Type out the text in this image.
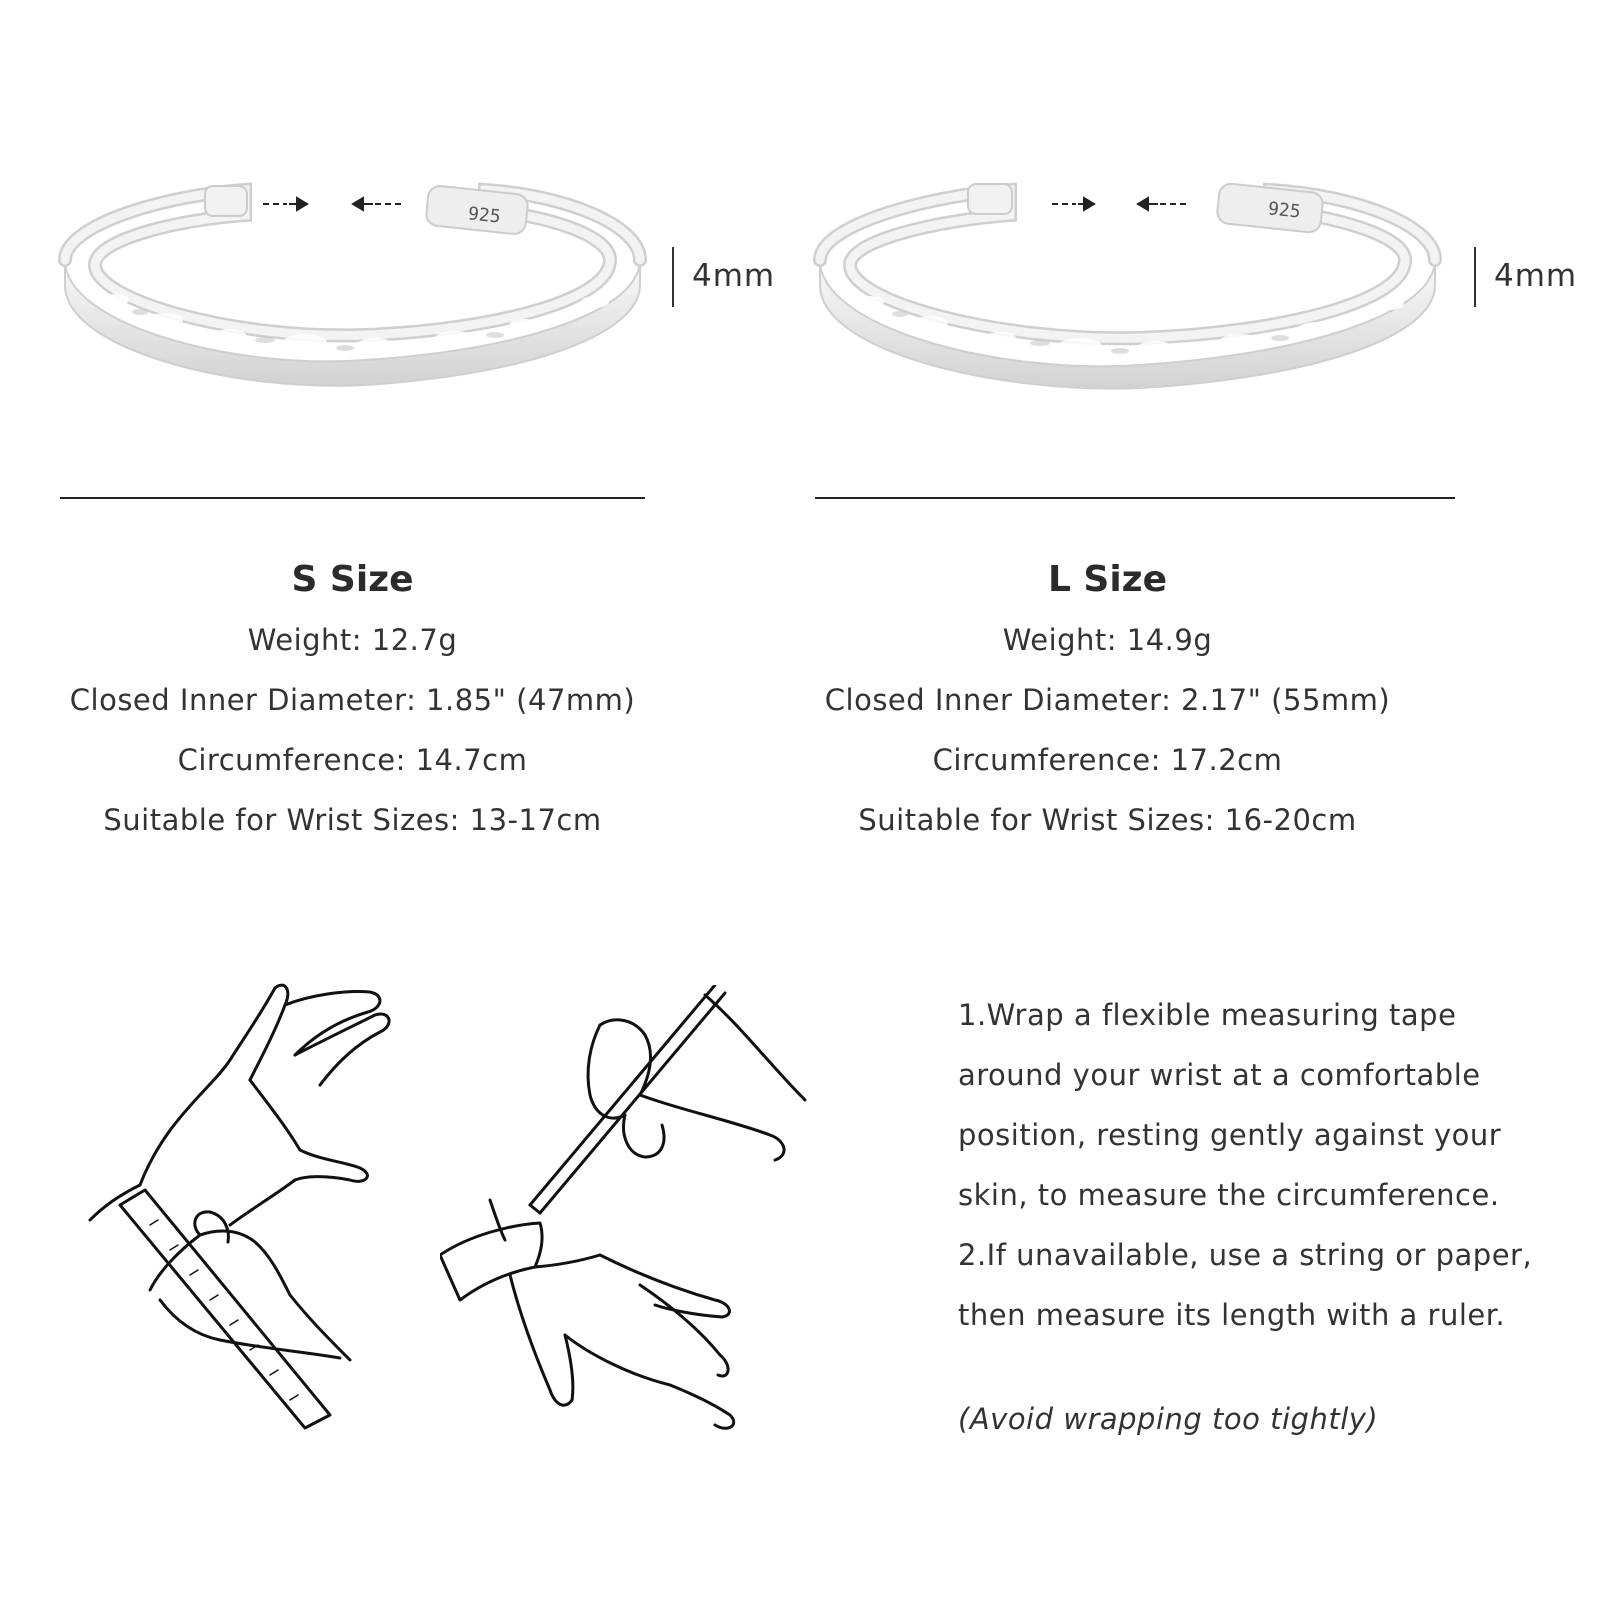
925
4mm
925
4mm
S Size
Weight: 12.7g
Closed Inner Diameter: 1.85" (47mm)
Circumference: 14.7cm
Suitable for Wrist Sizes: 13-17cm
L Size
Weight: 14.9g
Closed Inner Diameter: 2.17" (55mm)
Circumference: 17.2cm
Suitable for Wrist Sizes: 16-20cm
1.Wrap a flexible measuring tape
around your wrist at a comfortable
position, resting gently against your
skin, to measure the circumference.
2.If unavailable, use a string or paper,
then measure its length with a ruler.
(Avoid wrapping too tightly)
